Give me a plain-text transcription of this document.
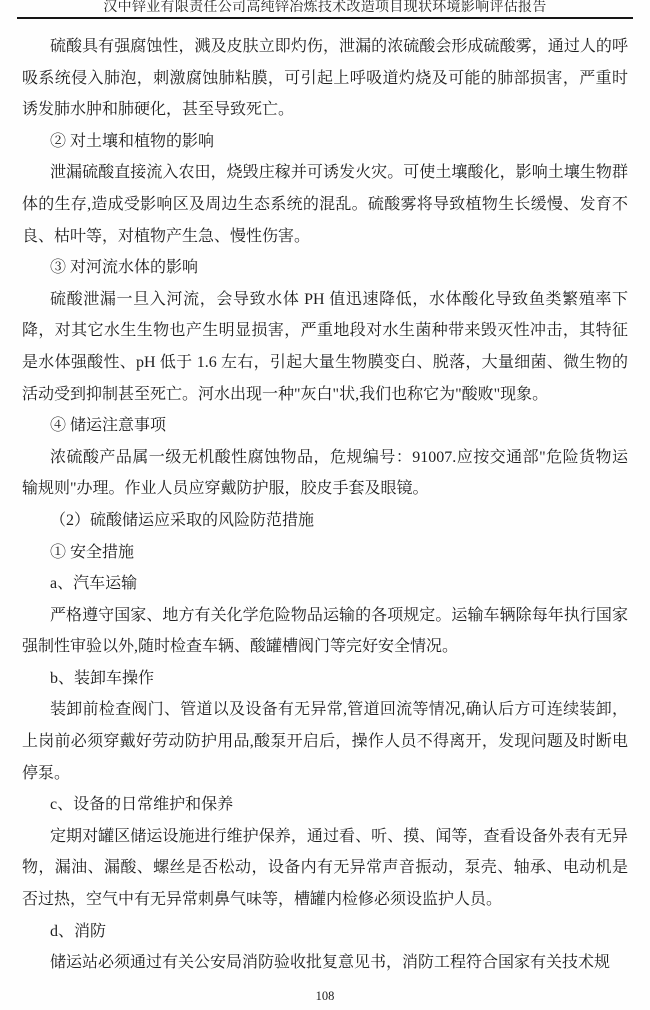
汉中锌业有限责任公司高纯锌冶炼技术改造项目现状环境影响评估报告

硫酸具有强腐蚀性，溅及皮肤立即灼伤，泄漏的浓硫酸会形成硫酸雾，通过人的呼吸系统侵入肺泡，刺激腐蚀肺粘膜，可引起上呼吸道灼烧及可能的肺部损害，严重时诱发肺水肿和肺硬化，甚至导致死亡。

② 对土壤和植物的影响

泄漏硫酸直接流入农田，烧毁庄稼并可诱发火灾。可使土壤酸化，影响土壤生物群体的生存,造成受影响区及周边生态系统的混乱。硫酸雾将导致植物生长缓慢、发育不良、枯叶等，对植物产生急、慢性伤害。

③ 对河流水体的影响

硫酸泄漏一旦入河流，会导致水体 PH 值迅速降低，水体酸化导致鱼类繁殖率下降，对其它水生生物也产生明显损害，严重地段对水生菌种带来毁灭性冲击，其特征是水体强酸性、pH 低于 1.6 左右，引起大量生物膜变白、脱落，大量细菌、微生物的活动受到抑制甚至死亡。河水出现一种"灰白"状,我们也称它为"酸败"现象。

④ 储运注意事项

浓硫酸产品属一级无机酸性腐蚀物品，危规编号：91007.应按交通部"危险货物运输规则"办理。作业人员应穿戴防护服，胶皮手套及眼镜。

（2）硫酸储运应采取的风险防范措施

① 安全措施

a、汽车运输

严格遵守国家、地方有关化学危险物品运输的各项规定。运输车辆除每年执行国家强制性审验以外,随时检查车辆、酸罐槽阀门等完好安全情况。

b、装卸车操作

装卸前检查阀门、管道以及设备有无异常,管道回流等情况,确认后方可连续装卸，上岗前必须穿戴好劳动防护用品,酸泵开启后，操作人员不得离开，发现问题及时断电停泵。

c、设备的日常维护和保养

定期对罐区储运设施进行维护保养，通过看、听、摸、闻等，查看设备外表有无异物，漏油、漏酸、螺丝是否松动，设备内有无异常声音振动，泵壳、轴承、电动机是否过热，空气中有无异常刺鼻气味等，槽罐内检修必须设监护人员。

d、消防

储运站必须通过有关公安局消防验收批复意见书，消防工程符合国家有关技术规

108
